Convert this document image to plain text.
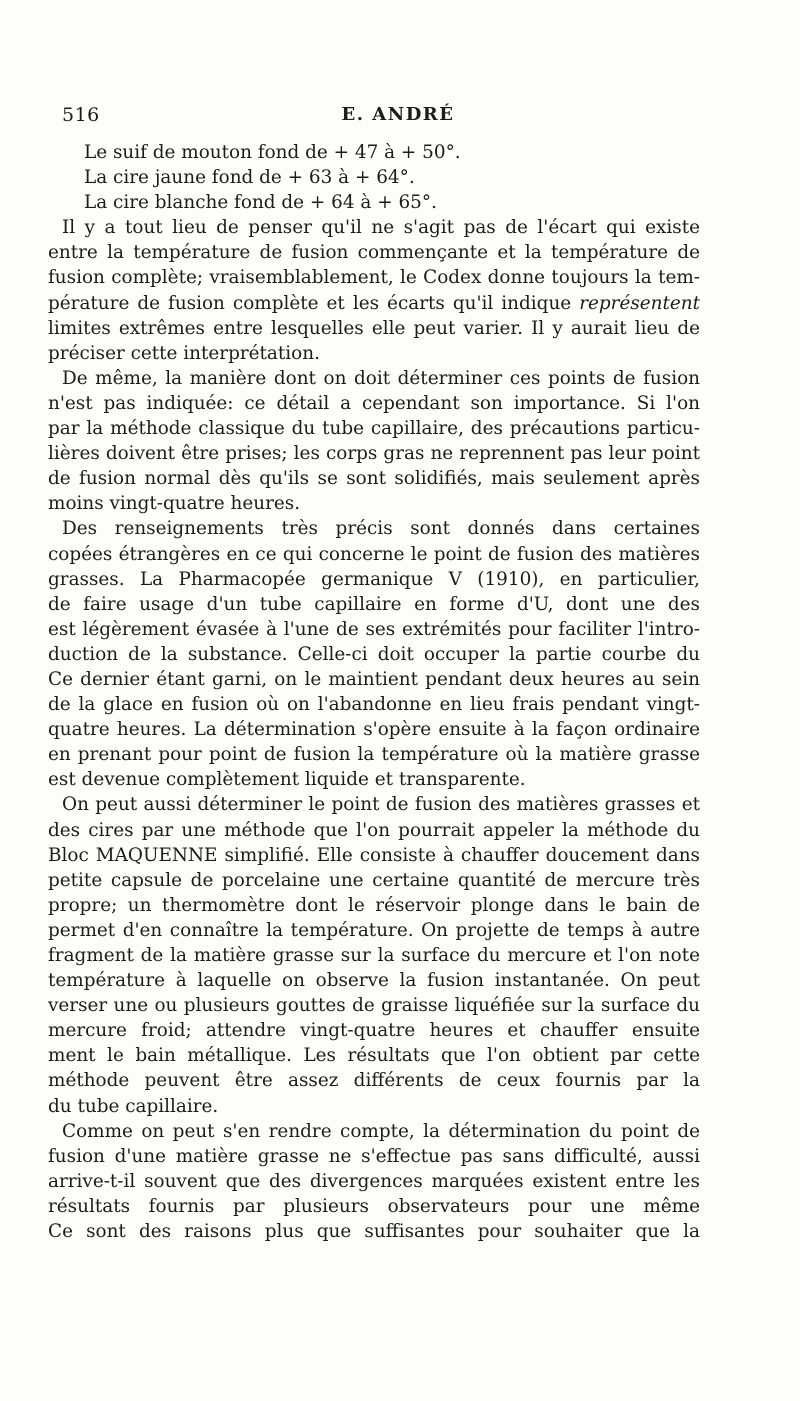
516	E. ANDRÉ
Le suif de mouton fond de + 47 à + 50°.
La cire jaune fond de + 63 à + 64°.
La cire blanche fond de + 64 à + 65°.
Il y a tout lieu de penser qu'il ne s'agit pas de l'écart qui existe
entre la température de fusion commençante et la température de
fusion complète; vraisemblablement, le Codex donne toujours la tem-
pérature de fusion complète et les écarts qu'il indique représentent
limites extrêmes entre lesquelles elle peut varier. Il y aurait lieu de
préciser cette interprétation.
De même, la manière dont on doit déterminer ces points de fusion
n'est pas indiquée: ce détail a cependant son importance. Si l'on
par la méthode classique du tube capillaire, des précautions particu-
lières doivent être prises; les corps gras ne reprennent pas leur point
de fusion normal dès qu'ils se sont solidifiés, mais seulement après
moins vingt-quatre heures.
Des renseignements très précis sont donnés dans certaines
copées étrangères en ce qui concerne le point de fusion des matières
grasses. La Pharmacopée germanique V (1910), en particulier,
de faire usage d'un tube capillaire en forme d'U, dont une des
est légèrement évasée à l'une de ses extrémités pour faciliter l'intro-
duction de la substance. Celle-ci doit occuper la partie courbe du
Ce dernier étant garni, on le maintient pendant deux heures au sein
de la glace en fusion où on l'abandonne en lieu frais pendant vingt-
quatre heures. La détermination s'opère ensuite à la façon ordinaire
en prenant pour point de fusion la température où la matière grasse
est devenue complètement liquide et transparente.
On peut aussi déterminer le point de fusion des matières grasses et
des cires par une méthode que l'on pourrait appeler la méthode du
Bloc MAQUENNE simplifié. Elle consiste à chauffer doucement dans
petite capsule de porcelaine une certaine quantité de mercure très
propre; un thermomètre dont le réservoir plonge dans le bain de
permet d'en connaître la température. On projette de temps à autre
fragment de la matière grasse sur la surface du mercure et l'on note
température à laquelle on observe la fusion instantanée. On peut
verser une ou plusieurs gouttes de graisse liquéfiée sur la surface du
mercure froid; attendre vingt-quatre heures et chauffer ensuite
ment le bain métallique. Les résultats que l'on obtient par cette
méthode peuvent être assez différents de ceux fournis par la
du tube capillaire.
Comme on peut s'en rendre compte, la détermination du point de
fusion d'une matière grasse ne s'effectue pas sans difficulté, aussi
arrive-t-il souvent que des divergences marquées existent entre les
résultats fournis par plusieurs observateurs pour une même
Ce sont des raisons plus que suffisantes pour souhaiter que la
